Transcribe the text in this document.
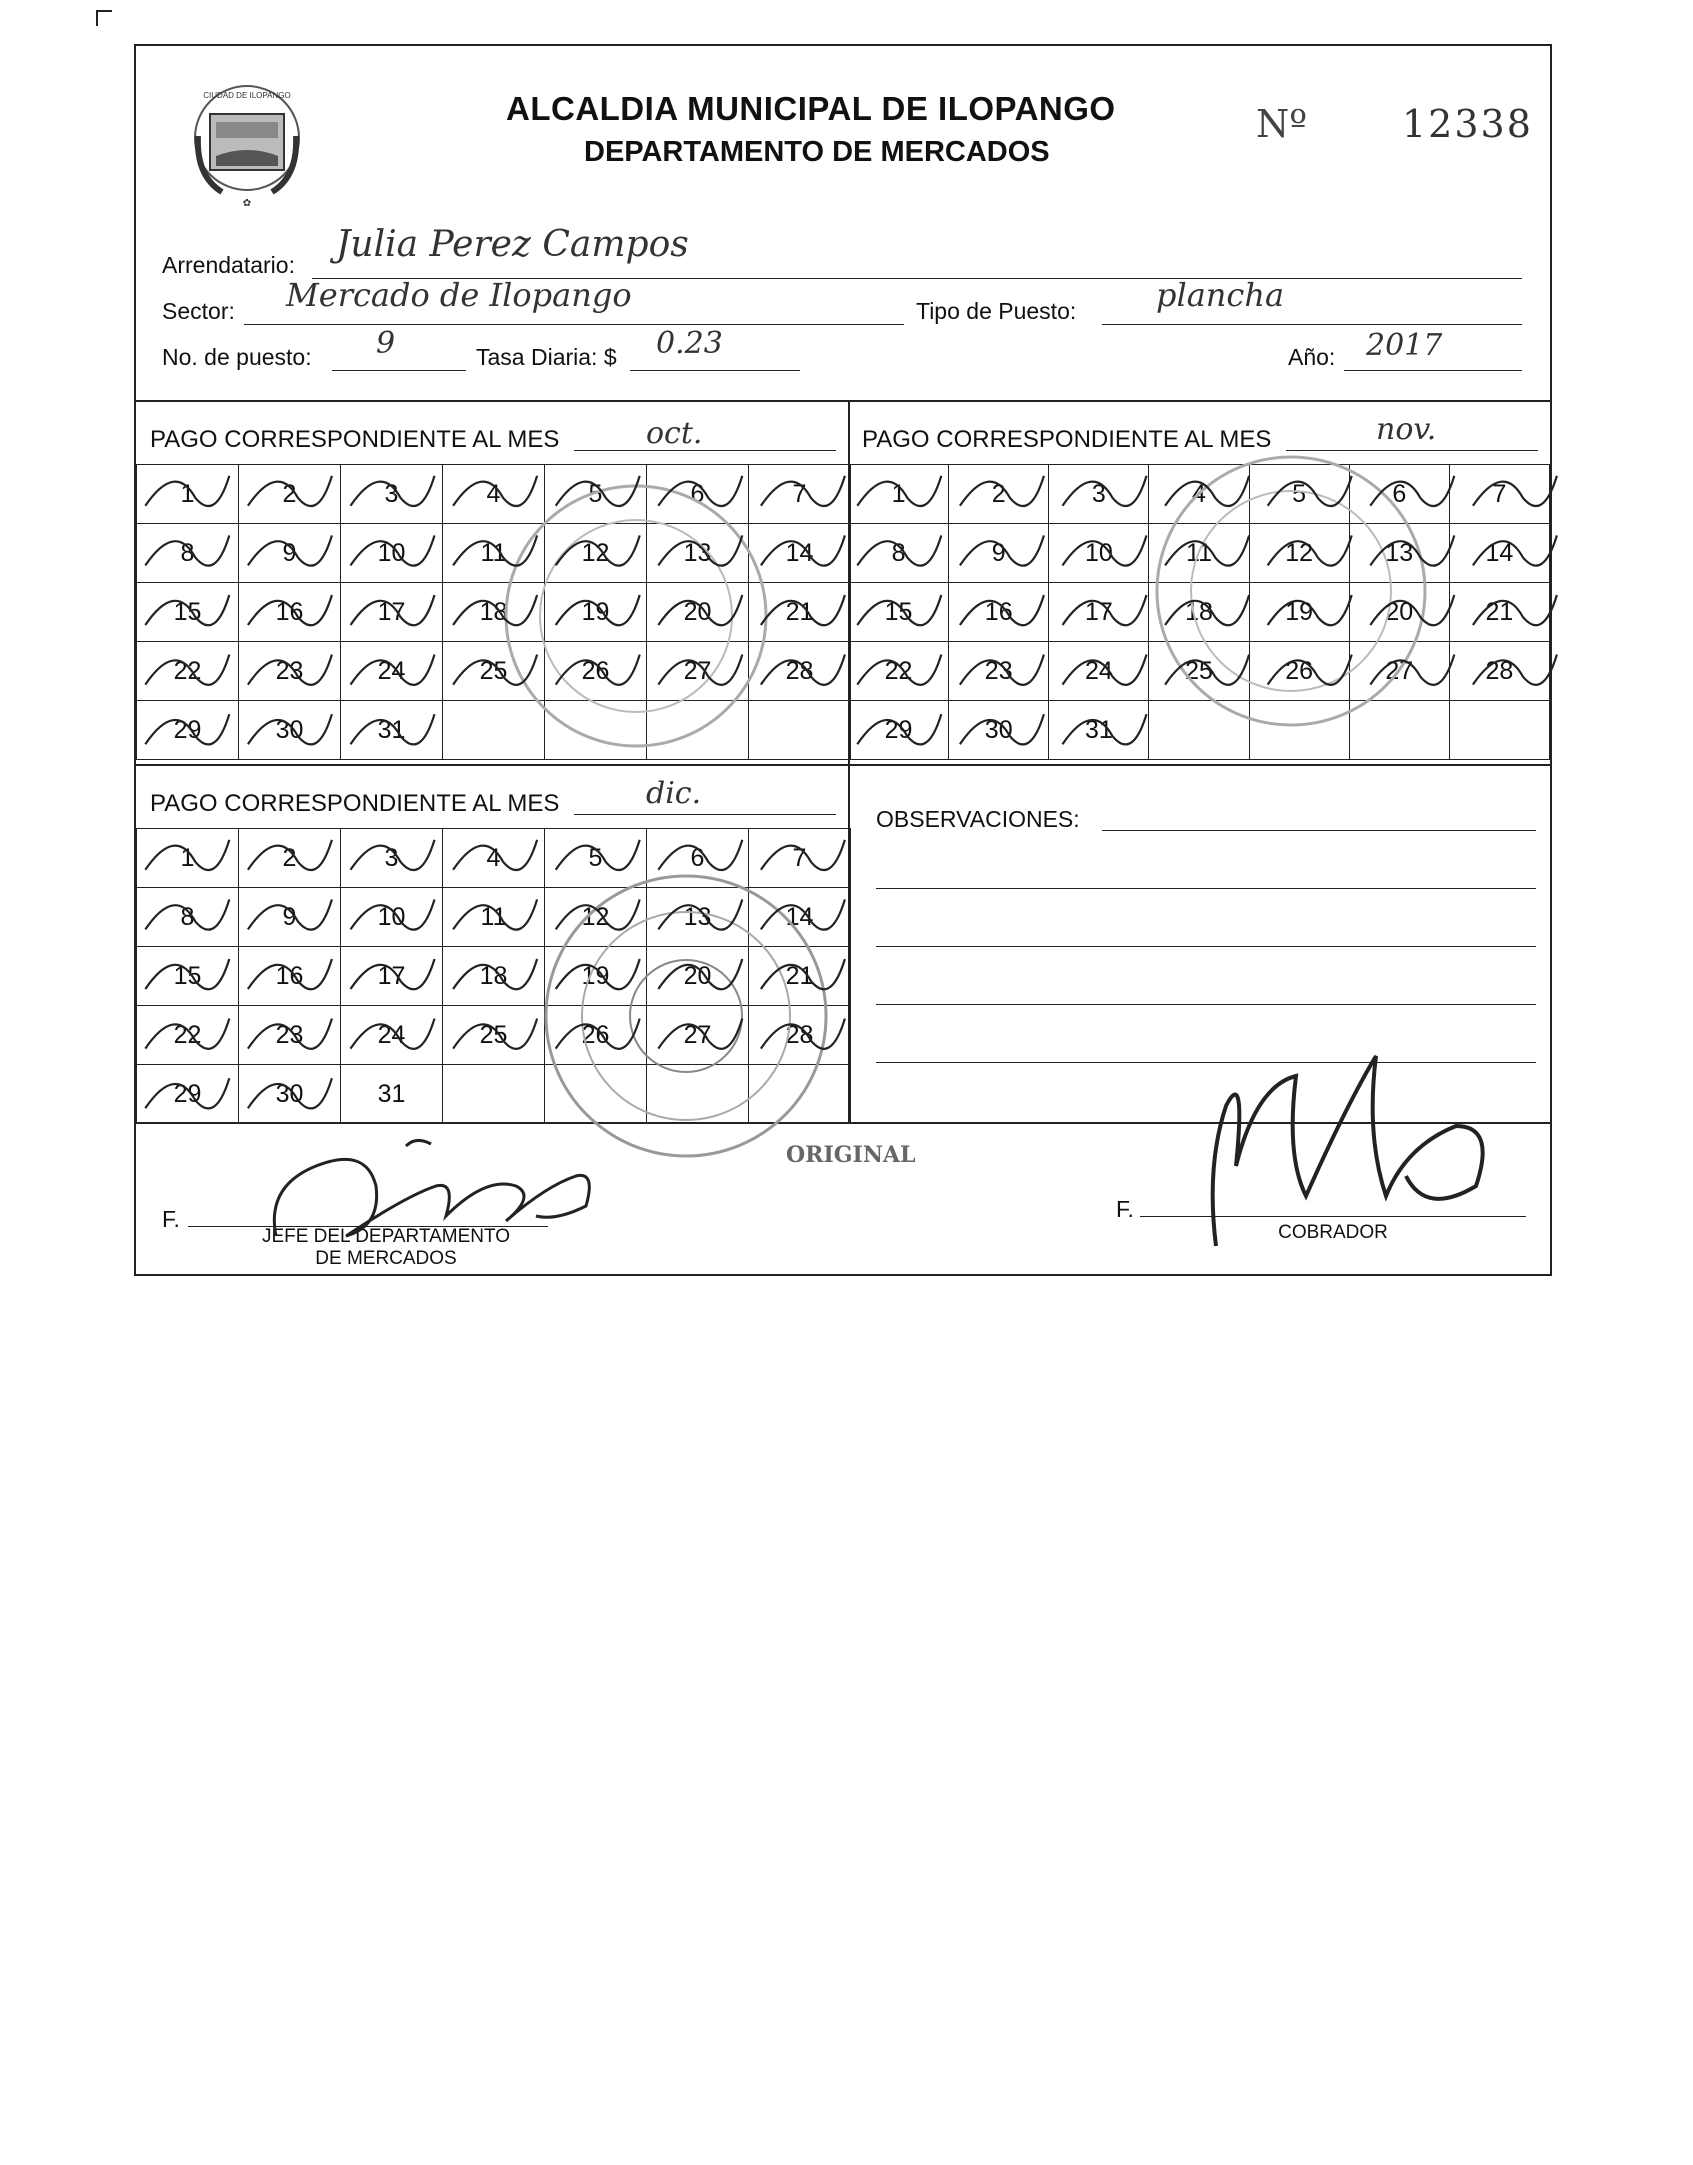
CIUDAD DE ILOPANGO
✿
ALCALDIA MUNICIPAL DE ILOPANGO
DEPARTAMENTO DE MERCADOS
Nº 12338
Arrendatario: Julia Perez Campos
Sector: Mercado de Ilopango	Tipo de Puesto: plancha
No. de puesto: 9	Tasa Diaria: $ 0.23	Año: 2017
PAGO CORRESPONDIENTE AL MES	oct.	PAGO CORRESPONDIENTE AL MES	nov.
PAGO CORRESPONDIENTE AL MES	dic.
1	2	3	4	5	6	7
8	9	10	11	12	13	14
15	16	17	18	19	20	21
22	23	24	25	26	27	28
29	30	31				
1	2	3	4	5	6	7
8	9	10	11	12	13	14
15	16	17	18	19	20	21
22	23	24	25	26	27	28
29	30	31				
1	2	3	4	5	6	7
8	9	10	11	12	13	14
15	16	17	18	19	20	21
22	23	24	25	26	27	28
29	30	31				
OBSERVACIONES:
ORIGINAL
F.
JEFE DEL DEPARTAMENTO
DE MERCADOS
F.
COBRADOR
